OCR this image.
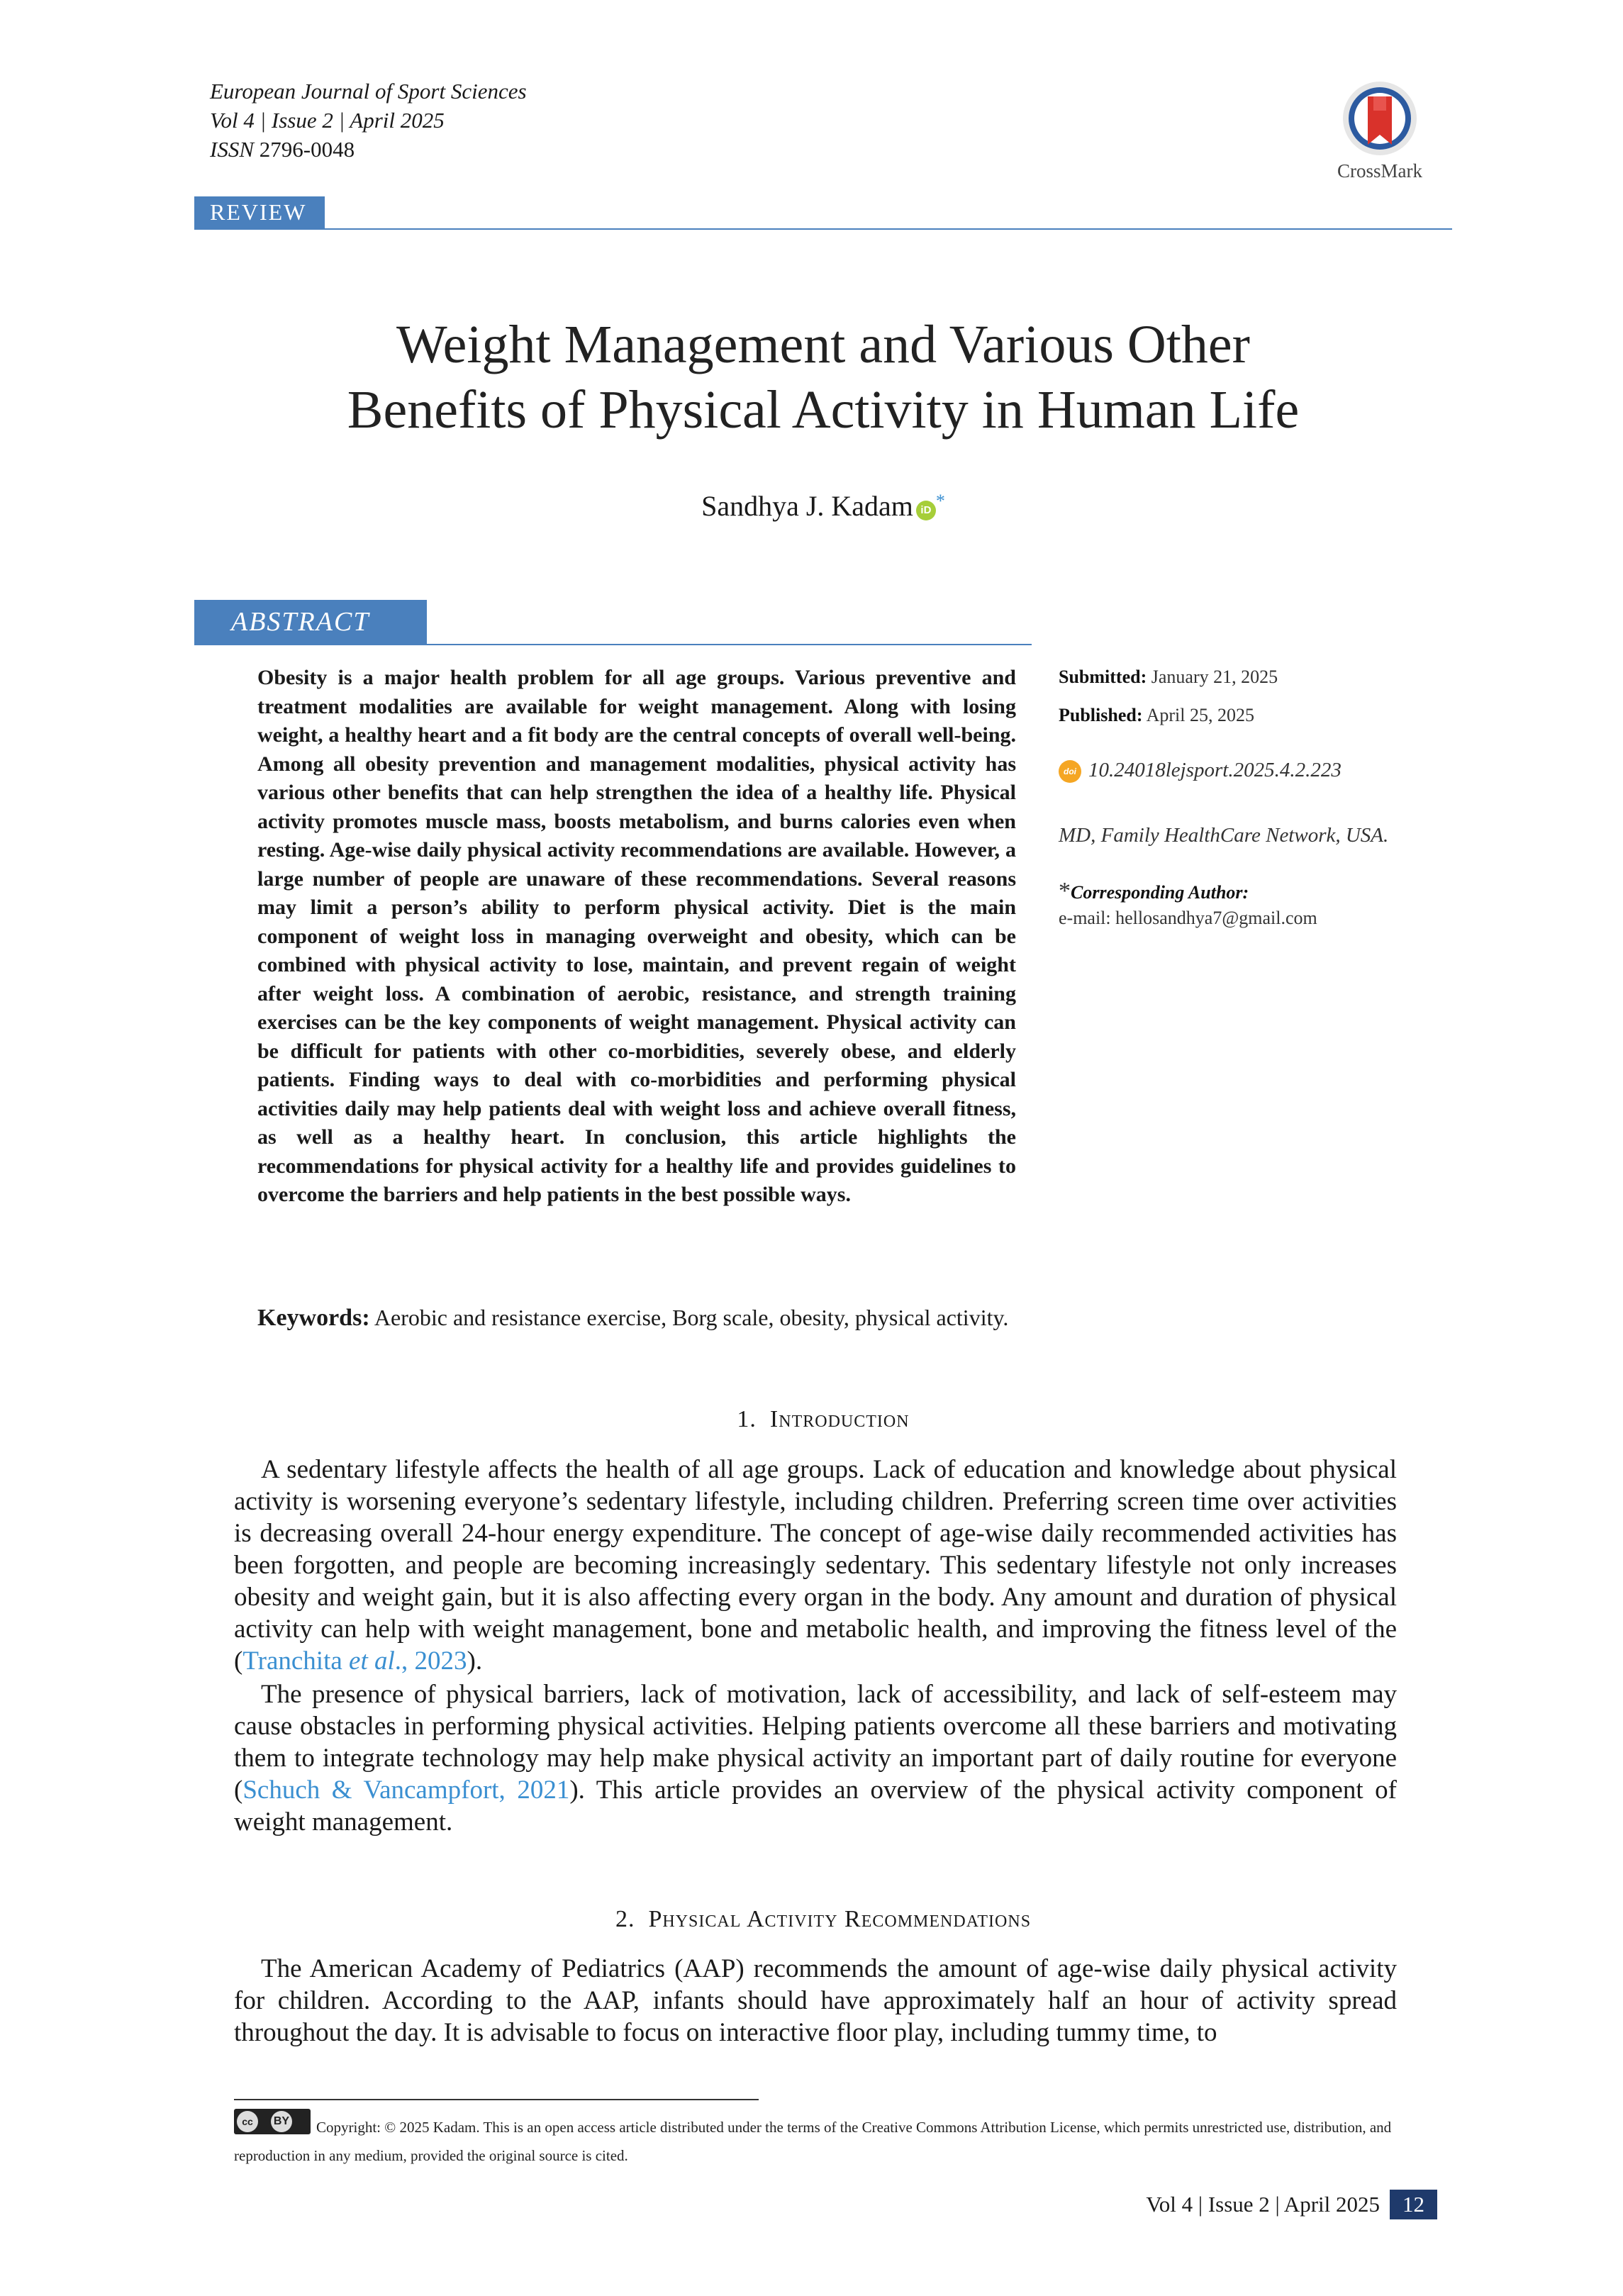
European Journal of Sport Sciences
Vol 4 | Issue 2 | April 2025
ISSN 2796-0048
CrossMark
REVIEW
Weight Management and Various Other
Benefits of Physical Activity in Human Life
Sandhya J. Kadam iD *
ABSTRACT

Obesity is a major health problem for all age groups. Various preventive and treatment modalities are available for weight management. Along with losing weight, a healthy heart and a fit body are the central concepts of overall well-being. Among all obesity prevention and management modalities, physical activity has various other benefits that can help strengthen the idea of a healthy life. Physical activity promotes muscle mass, boosts metabolism, and burns calories even when resting. Age-wise daily physical activity recommendations are available. However, a large number of people are unaware of these recommendations. Several reasons may limit a person’s ability to perform physical activity. Diet is the main component of weight loss in managing overweight and obesity, which can be combined with physical activity to lose, maintain, and prevent regain of weight after weight loss. A combination of aerobic, resistance, and strength training exercises can be the key components of weight management. Physical activity can be difficult for patients with other co-morbidities, severely obese, and elderly patients. Finding ways to deal with co-morbidities and performing physical activities daily may help patients deal with weight loss and achieve overall fitness, as well as a healthy heart. In conclusion, this article highlights the recommendations for physical activity for a healthy life and provides guidelines to overcome the barriers and help patients in the best possible ways.

Keywords: Aerobic and resistance exercise, Borg scale, obesity, physical activity.

Submitted: January 21, 2025
Published: April 25, 2025
doi 10.24018lejsport.2025.4.2.223
MD, Family HealthCare Network, USA.
*Corresponding Author:
e-mail: hellosandhya7@gmail.com
1. Introduction

A sedentary lifestyle affects the health of all age groups. Lack of education and knowledge about physical activity is worsening everyone’s sedentary lifestyle, including children. Preferring screen time over activities is decreasing overall 24-hour energy expenditure. The concept of age-wise daily recommended activities has been forgotten, and people are becoming increasingly sedentary. This sedentary lifestyle not only increases obesity and weight gain, but it is also affecting every organ in the body. Any amount and duration of physical activity can help with weight management, bone and metabolic health, and improving the fitness level of the (Tranchita et al., 2023).

The presence of physical barriers, lack of motivation, lack of accessibility, and lack of self-esteem may cause obstacles in performing physical activities. Helping patients overcome all these barriers and motivating them to integrate technology may help make physical activity an important part of daily routine for everyone (Schuch & Vancampfort, 2021). This article provides an overview of the physical activity component of weight management.

2. Physical Activity Recommendations

The American Academy of Pediatrics (AAP) recommends the amount of age-wise daily physical activity for children. According to the AAP, infants should have approximately half an hour of activity spread throughout the day. It is advisable to focus on interactive floor play, including tummy time, to

cc	BY	Copyright: © 2025 Kadam. This is an open access article distributed under the terms of the Creative Commons Attribution License, which permits unrestricted use, distribution, and reproduction in any medium, provided the original source is cited.

Vol 4 | Issue 2 | April 2025 12
